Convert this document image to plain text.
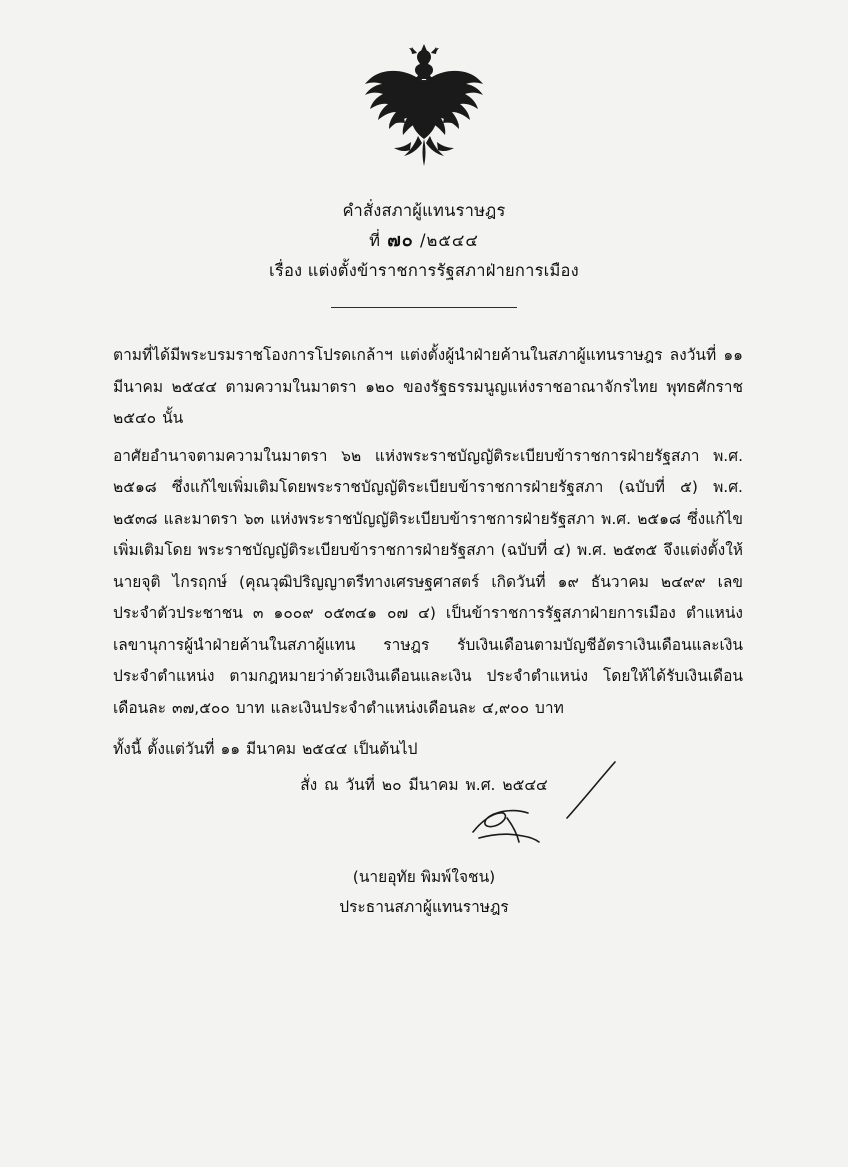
คำสั่งสภาผู้แทนราษฎร
ที่ ๗๐ /๒๕๔๔
เรื่อง แต่งตั้งข้าราชการรัฐสภาฝ่ายการเมือง

ตามที่ได้มีพระบรมราชโองการโปรดเกล้าฯ แต่งตั้งผู้นำฝ่ายค้านในสภาผู้แทนราษฎร ลงวันที่ ๑๑ มีนาคม ๒๕๔๔ ตามความในมาตรา ๑๒๐ ของรัฐธรรมนูญแห่งราชอาณาจักรไทย พุทธศักราช ๒๕๔๐ นั้น

อาศัยอำนาจตามความในมาตรา ๖๒ แห่งพระราชบัญญัติระเบียบข้าราชการฝ่ายรัฐสภา พ.ศ. ๒๕๑๘ ซึ่งแก้ไขเพิ่มเติมโดยพระราชบัญญัติระเบียบข้าราชการฝ่ายรัฐสภา (ฉบับที่ ๕) พ.ศ. ๒๕๓๘ และมาตรา ๖๓ แห่งพระราชบัญญัติระเบียบข้าราชการฝ่ายรัฐสภา พ.ศ. ๒๕๑๘ ซึ่งแก้ไขเพิ่มเติมโดย พระราชบัญญัติระเบียบข้าราชการฝ่ายรัฐสภา (ฉบับที่ ๔) พ.ศ. ๒๕๓๕ จึงแต่งตั้งให้ นายจุติ ไกรฤกษ์ (คุณวุฒิปริญญาตรีทางเศรษฐศาสตร์ เกิดวันที่ ๑๙ ธันวาคม ๒๔๙๙ เลขประจำตัวประชาชน ๓ ๑๐๐๙ ๐๕๓๔๑ ๐๗ ๔) เป็นข้าราชการรัฐสภาฝ่ายการเมือง ตำแหน่งเลขานุการผู้นำฝ่ายค้านในสภาผู้แทน ราษฎร รับเงินเดือนตามบัญชีอัตราเงินเดือนและเงินประจำตำแหน่ง ตามกฎหมายว่าด้วยเงินเดือนและเงิน ประจำตำแหน่ง โดยให้ได้รับเงินเดือนเดือนละ ๓๗,๕๐๐ บาท และเงินประจำตำแหน่งเดือนละ ๔,๙๐๐ บาท

ทั้งนี้ ตั้งแต่วันที่ ๑๑ มีนาคม ๒๕๔๔ เป็นต้นไป

สั่ง ณ วันที่ ๒๐ มีนาคม พ.ศ. ๒๕๔๔
(นายอุทัย พิมพ์ใจชน)
ประธานสภาผู้แทนราษฎร
